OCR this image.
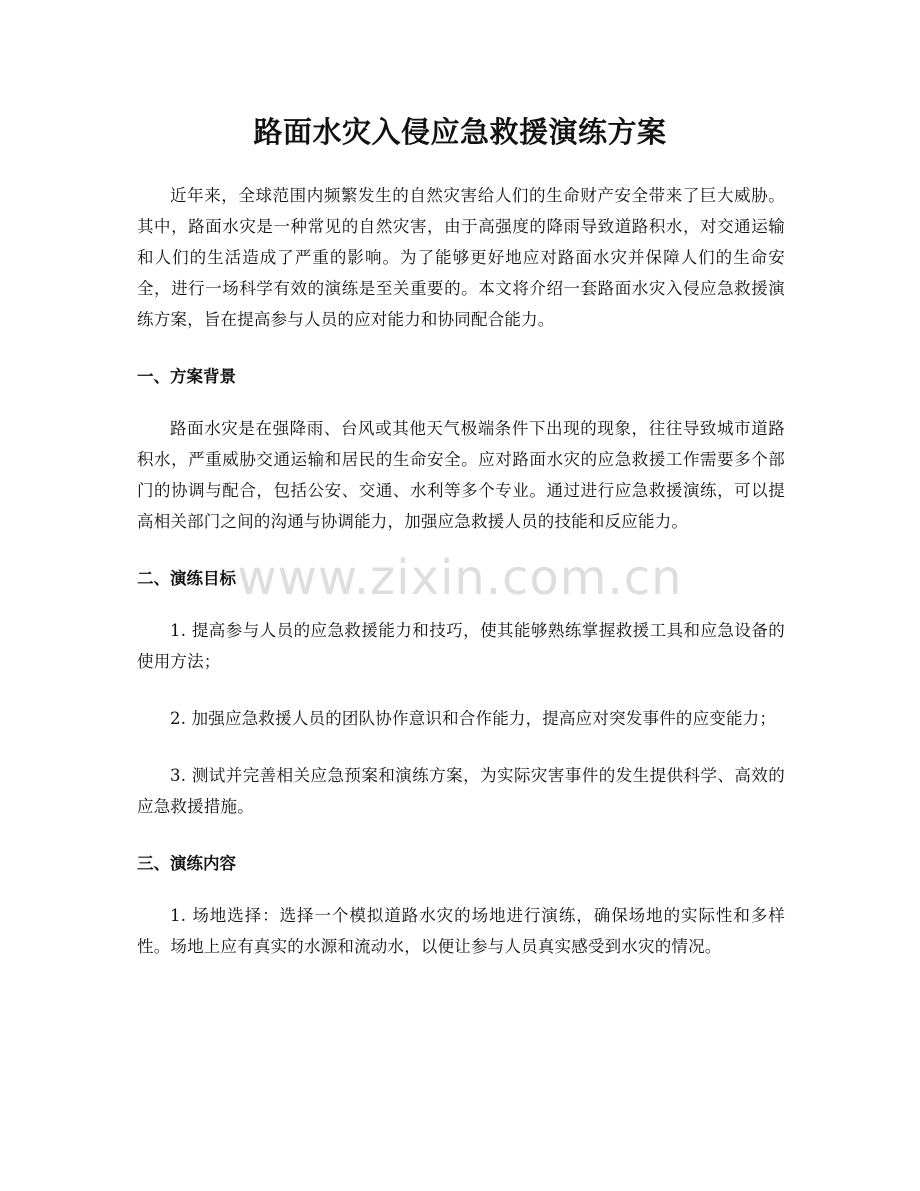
路面水灾入侵应急救援演练方案

近年来，全球范围内频繁发生的自然灾害给人们的生命财产安全带来了巨大威胁。其中，路面水灾是一种常见的自然灾害，由于高强度的降雨导致道路积水，对交通运输和人们的生活造成了严重的影响。为了能够更好地应对路面水灾并保障人们的生命安全，进行一场科学有效的演练是至关重要的。本文将介绍一套路面水灾入侵应急救援演练方案，旨在提高参与人员的应对能力和协同配合能力。

一、方案背景

路面水灾是在强降雨、台风或其他天气极端条件下出现的现象，往往导致城市道路积水，严重威胁交通运输和居民的生命安全。应对路面水灾的应急救援工作需要多个部门的协调与配合，包括公安、交通、水利等多个专业。通过进行应急救援演练，可以提高相关部门之间的沟通与协调能力，加强应急救援人员的技能和反应能力。

二、演练目标

1. 提高参与人员的应急救援能力和技巧，使其能够熟练掌握救援工具和应急设备的使用方法；

2. 加强应急救援人员的团队协作意识和合作能力，提高应对突发事件的应变能力；

3. 测试并完善相关应急预案和演练方案，为实际灾害事件的发生提供科学、高效的应急救援措施。

三、演练内容

1. 场地选择：选择一个模拟道路水灾的场地进行演练，确保场地的实际性和多样性。场地上应有真实的水源和流动水，以便让参与人员真实感受到水灾的情况。

www.zixin.com.cn
